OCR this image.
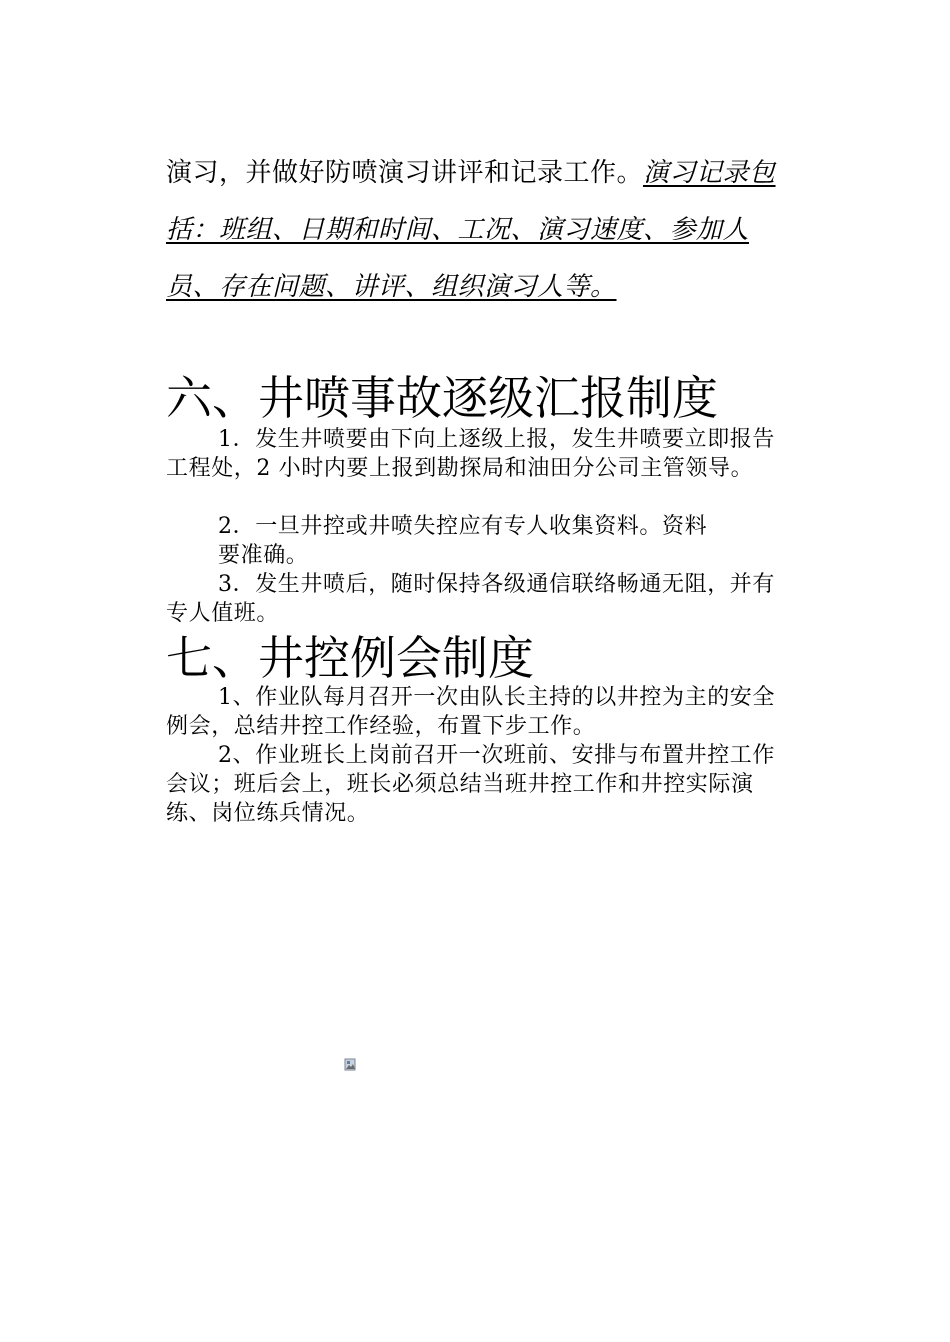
演习，并做好防喷演习讲评和记录工作。演习记录包括：班组、日期和时间、工况、演习速度、参加人员、存在问题、讲评、组织演习人等。
六、井喷事故逐级汇报制度
1．发生井喷要由下向上逐级上报，发生井喷要立即报告工程处，2 小时内要上报到勘探局和油田分公司主管领导。
2．一旦井控或井喷失控应有专人收集资料。资料
要准确。
3．发生井喷后，随时保持各级通信联络畅通无阻，并有专人值班。
七、井控例会制度
1、作业队每月召开一次由队长主持的以井控为主的安全例会，总结井控工作经验，布置下步工作。
2、作业班长上岗前召开一次班前、安排与布置井控工作会议；班后会上，班长必须总结当班井控工作和井控实际演练、岗位练兵情况。
